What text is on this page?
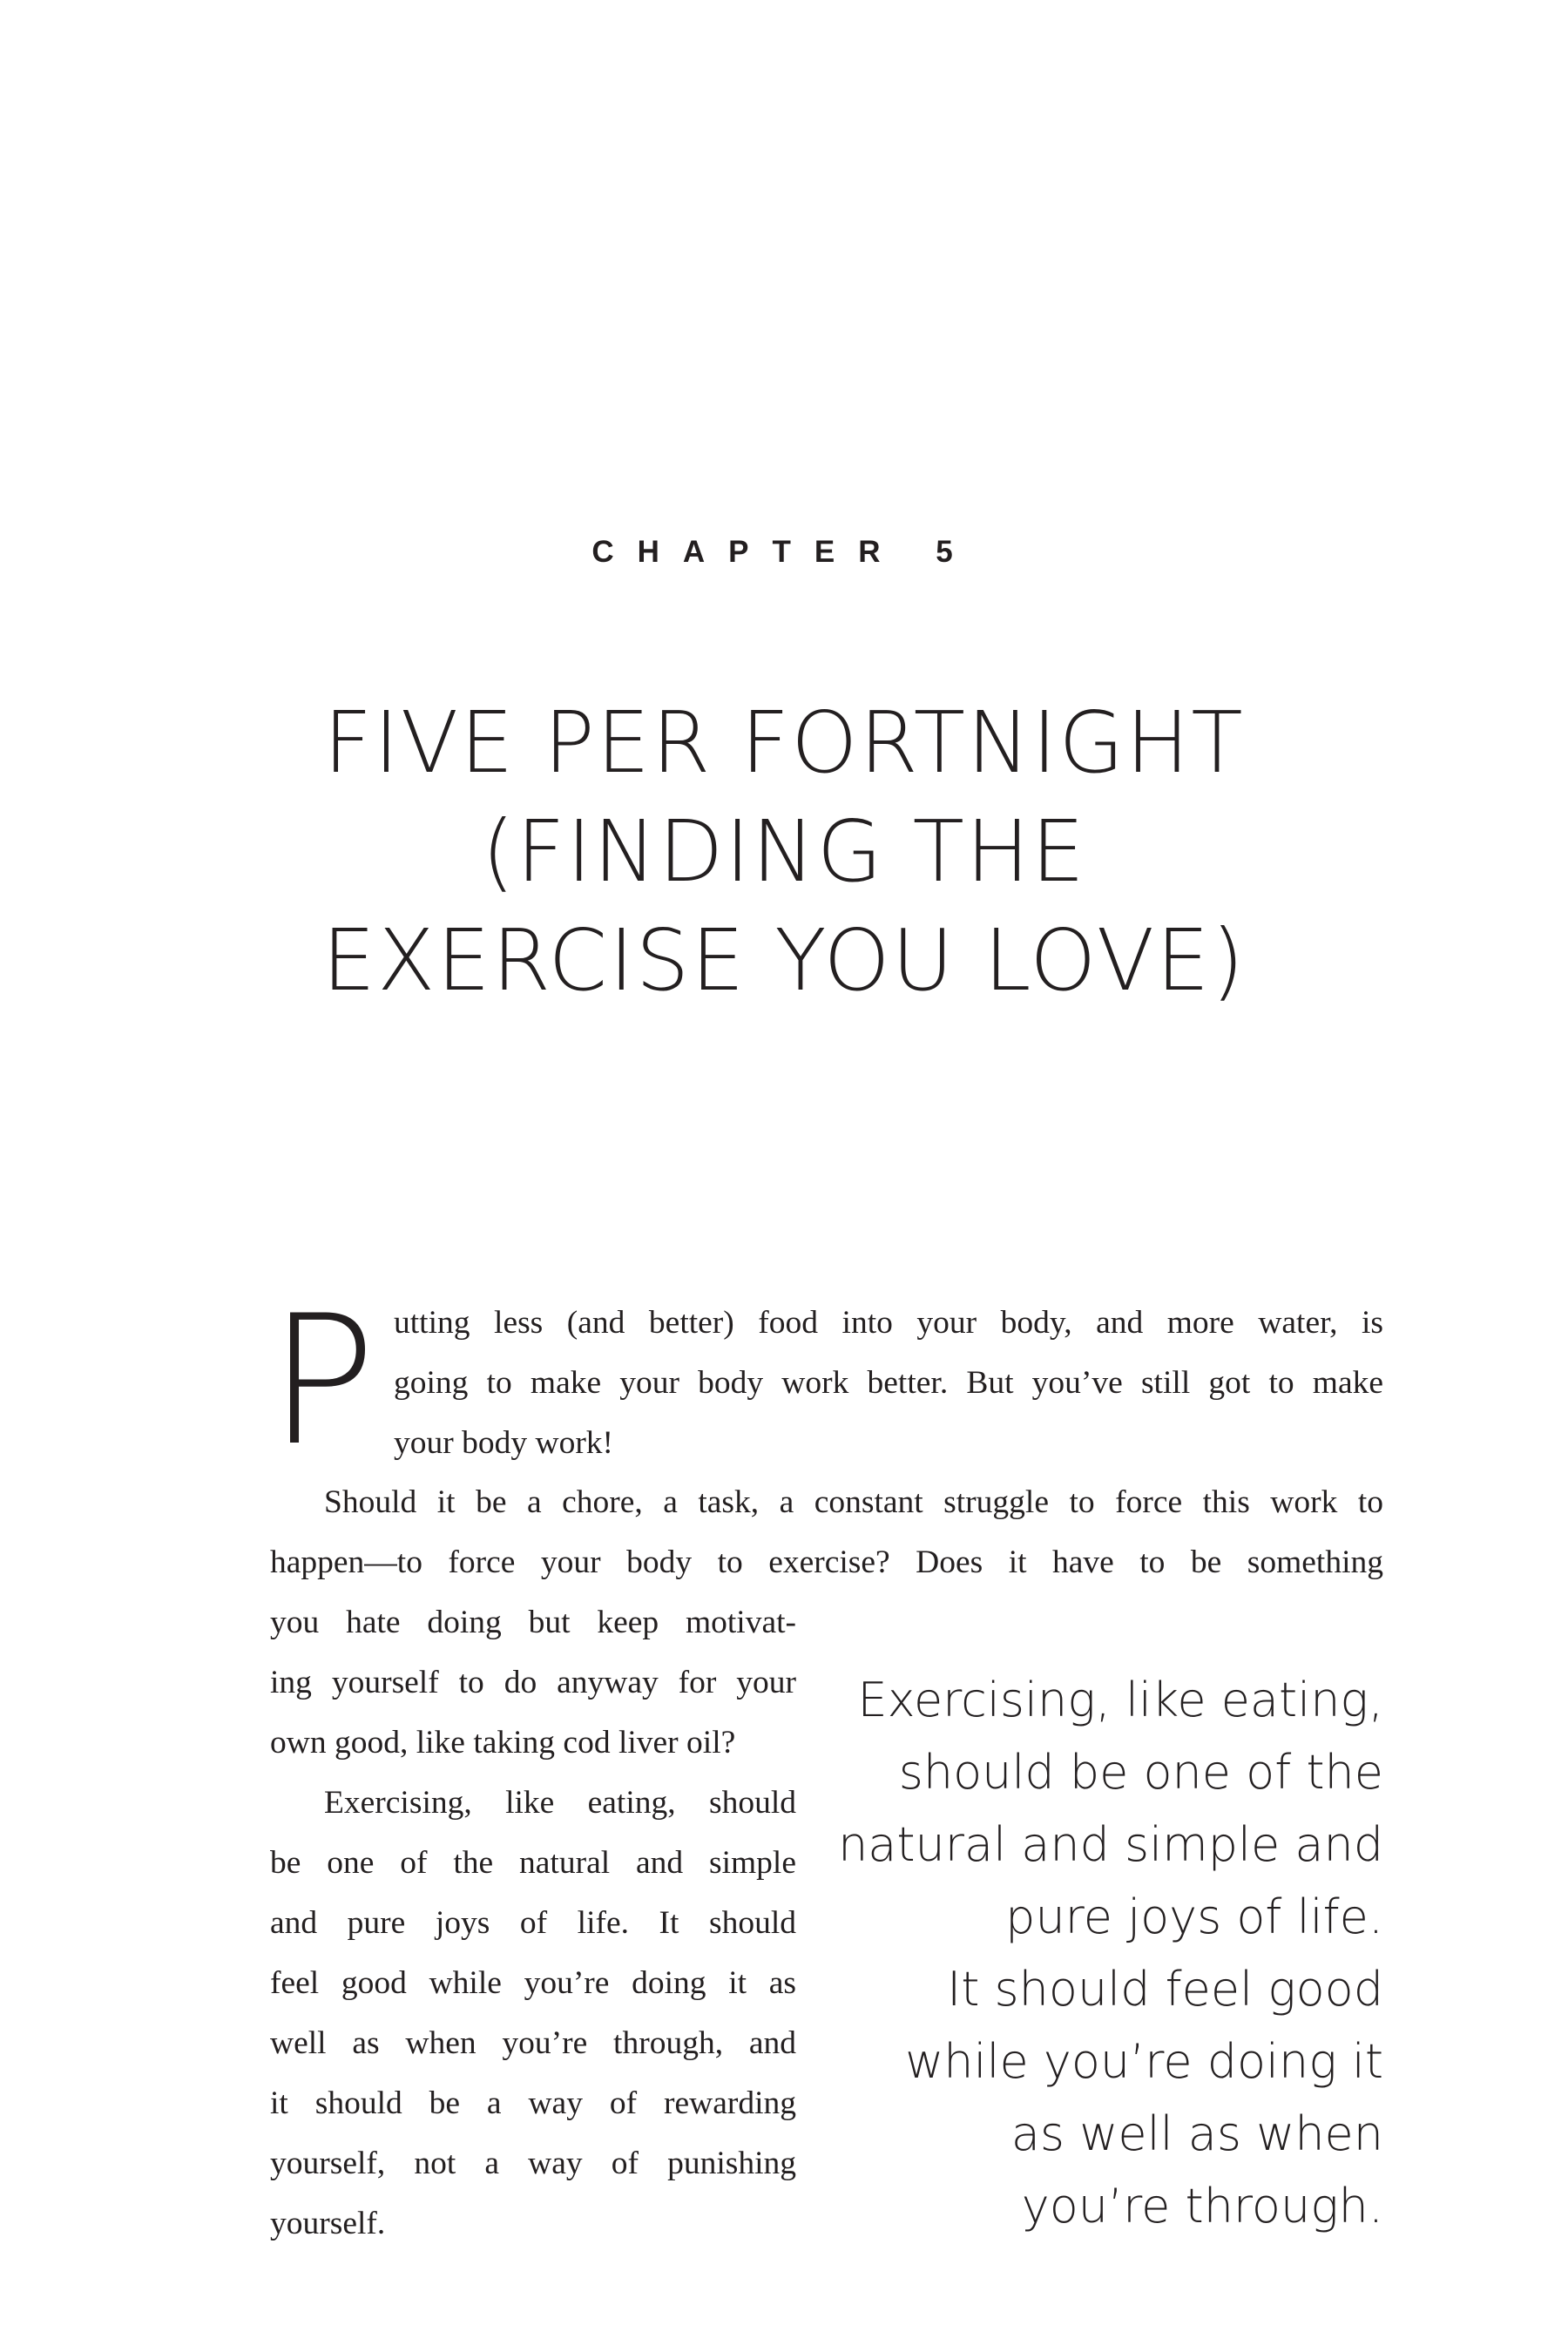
CHAPTER 5
FIVE PER FORTNIGHT
(FINDING THE
EXERCISE YOU LOVE)
P utting less (and better) food into your body, and more water, is
going to make your body work better. But you’ve still got to make
your body work!
Should it be a chore, a task, a constant struggle to force this work to
happen—to force your body to exercise? Does it have to be something
you hate doing but keep motivat-
ing yourself to do anyway for your
own good, like taking cod liver oil?
Exercising, like eating, should
be one of the natural and simple
and pure joys of life. It should
feel good while you’re doing it as
well as when you’re through, and
it should be a way of rewarding
yourself, not a way of punishing
yourself.
Exercising, like eating,
should be one of the
natural and simple and
pure joys of life.
It should feel good
while you’re doing it
as well as when
you’re through.
